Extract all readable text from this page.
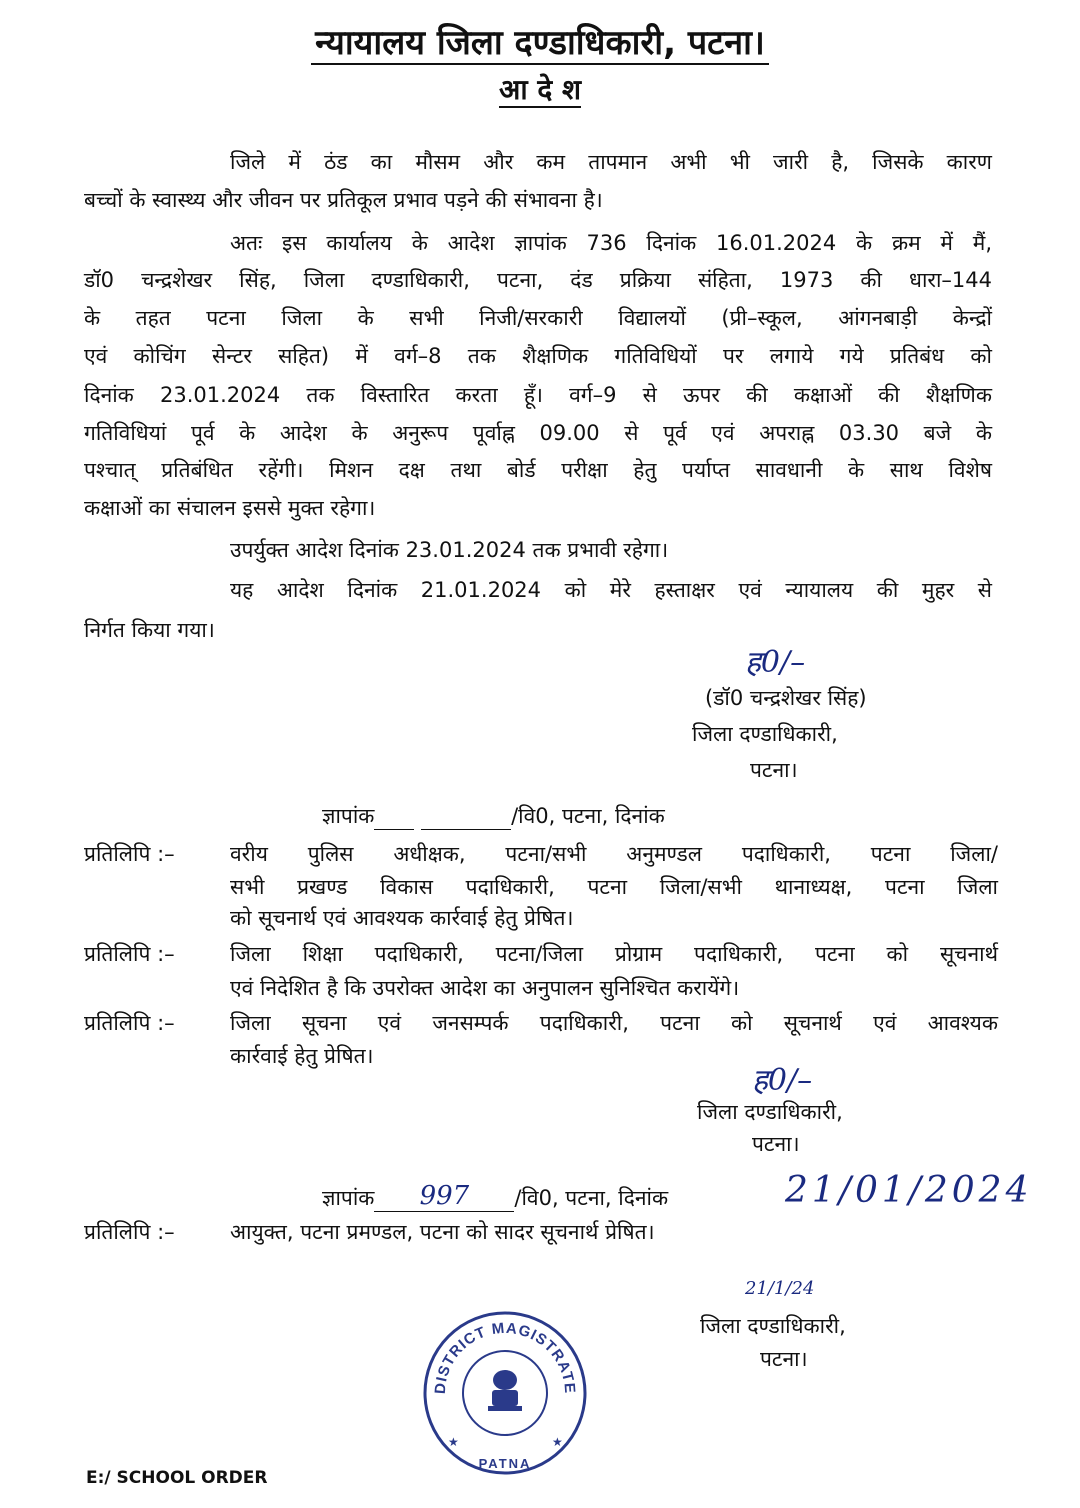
न्यायालय जिला दण्डाधिकारी, पटना।
आ दे श
जिले में ठंड का मौसम और कम तापमान अभी भी जारी है, जिसके कारण
बच्चों के स्वास्थ्य और जीवन पर प्रतिकूल प्रभाव पड़ने की संभावना है।
अतः इस कार्यालय के आदेश ज्ञापांक 736 दिनांक 16.01.2024 के क्रम में मैं,
डॉ0 चन्द्रशेखर सिंह, जिला दण्डाधिकारी, पटना, दंड प्रक्रिया संहिता, 1973 की धारा–144
के तहत पटना जिला के सभी निजी/सरकारी विद्यालयों (प्री–स्कूल, आंगनबाड़ी केन्द्रों
एवं कोचिंग सेन्टर सहित) में वर्ग–8 तक शैक्षणिक गतिविधियों पर लगाये गये प्रतिबंध को
दिनांक 23.01.2024 तक विस्तारित करता हूँ। वर्ग–9 से ऊपर की कक्षाओं की शैक्षणिक
गतिविधियां पूर्व के आदेश के अनुरूप पूर्वाह्न 09.00 से पूर्व एवं अपराह्न 03.30 बजे के
पश्चात् प्रतिबंधित रहेंगी। मिशन दक्ष तथा बोर्ड परीक्षा हेतु पर्याप्त सावधानी के साथ विशेष
कक्षाओं का संचालन इससे मुक्त रहेगा।
उपर्युक्त आदेश दिनांक 23.01.2024 तक प्रभावी रहेगा।
यह आदेश दिनांक 21.01.2024 को मेरे हस्ताक्षर एवं न्यायालय की मुहर से
निर्गत किया गया।
ह0/–
(डॉ0 चन्द्रशेखर सिंह)
जिला दण्डाधिकारी,
पटना।
ज्ञापांक	/वि0, पटना, दिनांक
प्रतिलिपि :–	वरीय पुलिस अधीक्षक, पटना/सभी अनुमण्डल पदाधिकारी, पटना जिला/
सभी प्रखण्ड विकास पदाधिकारी, पटना जिला/सभी थानाध्यक्ष, पटना जिला
को सूचनार्थ एवं आवश्यक कार्रवाई हेतु प्रेषित।
प्रतिलिपि :–	जिला शिक्षा पदाधिकारी, पटना/जिला प्रोग्राम पदाधिकारी, पटना को सूचनार्थ
एवं निदेशित है कि उपरोक्त आदेश का अनुपालन सुनिश्चित करायेंगे।
प्रतिलिपि :–	जिला सूचना एवं जनसम्पर्क पदाधिकारी, पटना को सूचनार्थ एवं आवश्यक
कार्रवाई हेतु प्रेषित।
ह0/–
जिला दण्डाधिकारी,
पटना।
ज्ञापांक 997 /वि0, पटना, दिनांक	21/01/2024
प्रतिलिपि :–	आयुक्त, पटना प्रमण्डल, पटना को सादर सूचनार्थ प्रेषित।
21/1/24
जिला दण्डाधिकारी,
पटना।
DISTRICT MAGISTRATE
PATNA
★	★
E:/ SCHOOL ORDER
